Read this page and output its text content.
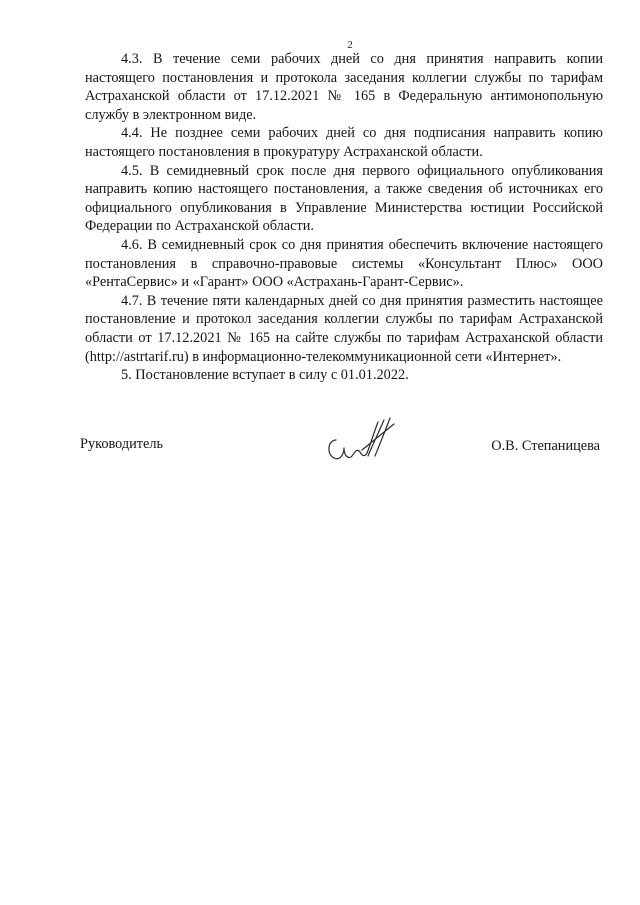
2

4.3. В течение семи рабочих дней со дня принятия направить копии настоящего постановления и протокола заседания коллегии службы по тарифам Астраханской области от 17.12.2021 № 165 в Федеральную антимонопольную службу в электронном виде.

4.4. Не позднее семи рабочих дней со дня подписания направить копию настоящего постановления в прокуратуру Астраханской области.

4.5. В семидневный срок после дня первого официального опубликования направить копию настоящего постановления, а также сведения об источниках его официального опубликования в Управление Министерства юстиции Российской Федерации по Астраханской области.

4.6. В семидневный срок со дня принятия обеспечить включение настоящего постановления в справочно-правовые системы «Консультант Плюс» ООО «РентаСервис» и «Гарант» ООО «Астрахань-Гарант-Сервис».

4.7. В течение пяти календарных дней со дня принятия разместить настоящее постановление и протокол заседания коллегии службы по тарифам Астраханской области от 17.12.2021 № 165 на сайте службы по тарифам Астраханской области (http://astrtarif.ru) в информационно-телекоммуникационной сети «Интернет».

5. Постановление вступает в силу с 01.01.2022.

Руководитель	О.В. Степаницева
